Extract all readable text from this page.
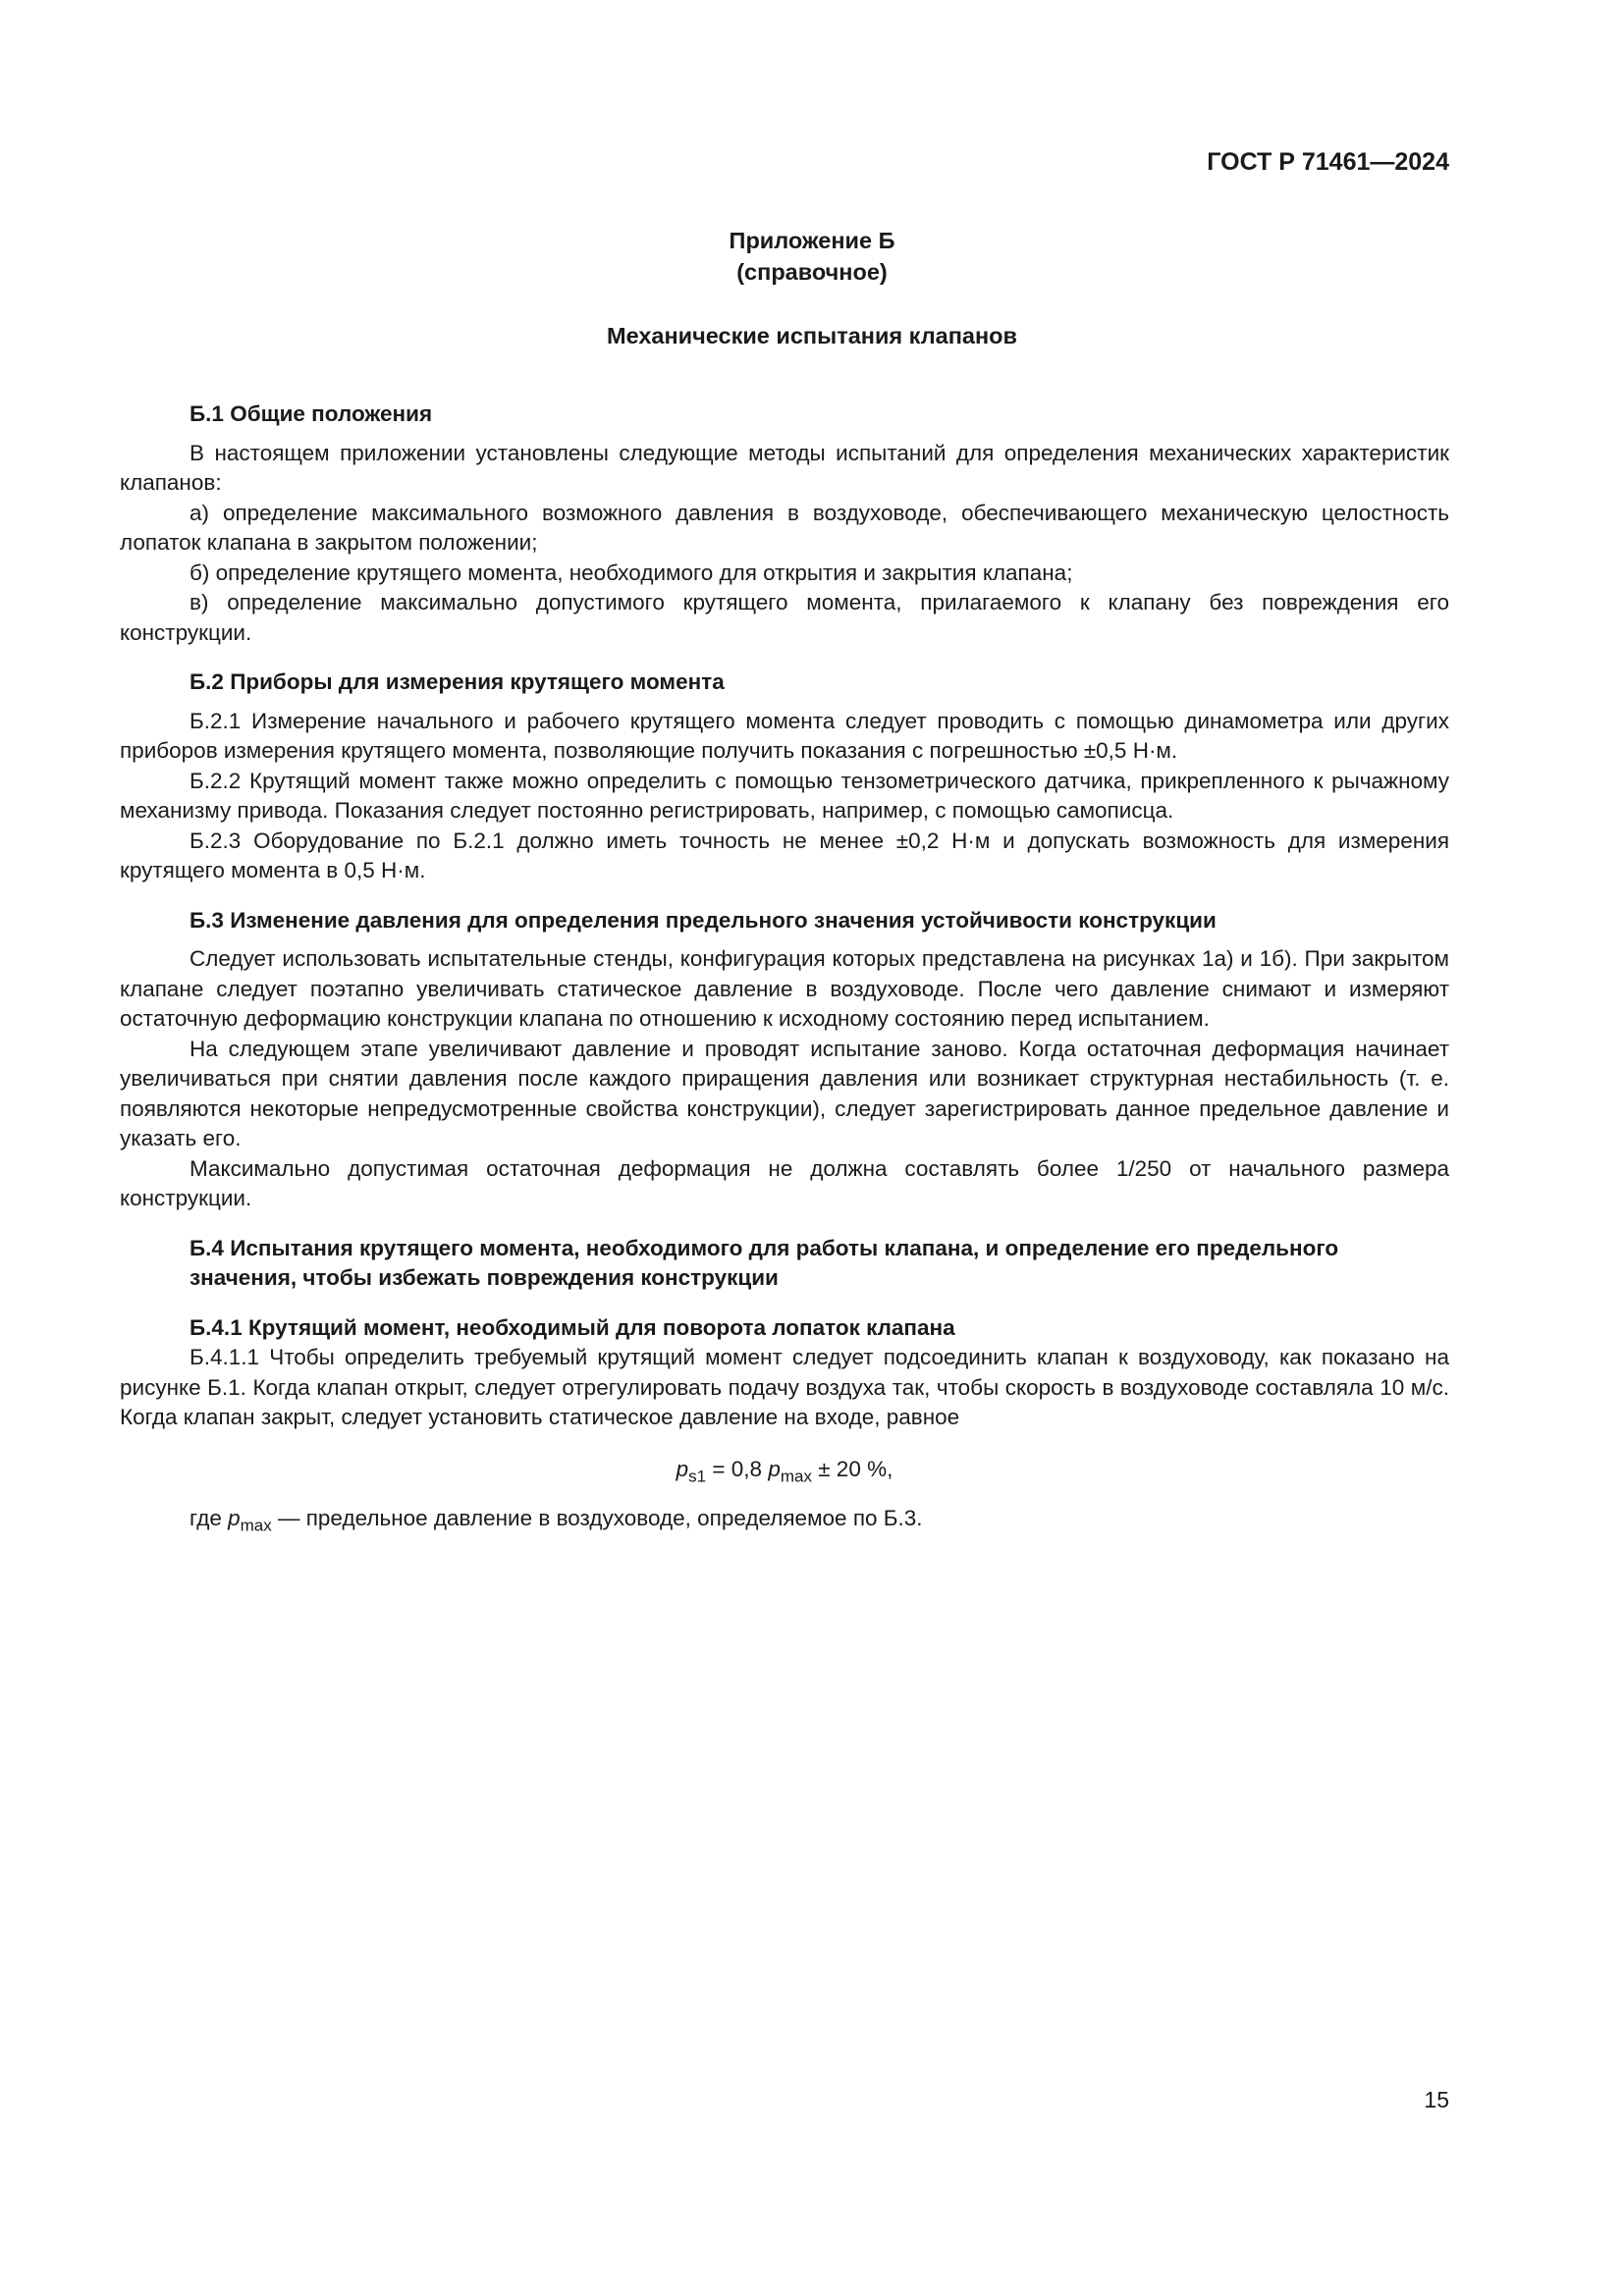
ГОСТ Р 71461—2024
Приложение Б
(справочное)
Механические испытания клапанов
Б.1 Общие положения

В настоящем приложении установлены следующие методы испытаний для определения механических характеристик клапанов:

а) определение максимального возможного давления в воздуховоде, обеспечивающего механическую целостность лопаток клапана в закрытом положении;

б) определение крутящего момента, необходимого для открытия и закрытия клапана;

в) определение максимально допустимого крутящего момента, прилагаемого к клапану без повреждения его конструкции.

Б.2 Приборы для измерения крутящего момента

Б.2.1 Измерение начального и рабочего крутящего момента следует проводить с помощью динамометра или других приборов измерения крутящего момента, позволяющие получить показания с погрешностью ±0,5 Н·м.

Б.2.2 Крутящий момент также можно определить с помощью тензометрического датчика, прикрепленного к рычажному механизму привода. Показания следует постоянно регистрировать, например, с помощью самописца.

Б.2.3 Оборудование по Б.2.1 должно иметь точность не менее ±0,2 Н·м и допускать возможность для измерения крутящего момента в 0,5 Н·м.

Б.3 Изменение давления для определения предельного значения устойчивости конструкции

Следует использовать испытательные стенды, конфигурация которых представлена на рисунках 1а) и 1б). При закрытом клапане следует поэтапно увеличивать статическое давление в воздуховоде. После чего давление снимают и измеряют остаточную деформацию конструкции клапана по отношению к исходному состоянию перед испытанием.

На следующем этапе увеличивают давление и проводят испытание заново. Когда остаточная деформация начинает увеличиваться при снятии давления после каждого приращения давления или возникает структурная нестабильность (т. е. появляются некоторые непредусмотренные свойства конструкции), следует зарегистрировать данное предельное давление и указать его.

Максимально допустимая остаточная деформация не должна составлять более 1/250 от начального размера конструкции.

Б.4 Испытания крутящего момента, необходимого для работы клапана, и определение его предельного значения, чтобы избежать повреждения конструкции
Б.4.1 Крутящий момент, необходимый для поворота лопаток клапана

Б.4.1.1 Чтобы определить требуемый крутящий момент следует подсоединить клапан к воздуховоду, как показано на рисунке Б.1. Когда клапан открыт, следует отрегулировать подачу воздуха так, чтобы скорость в воздуховоде составляла 10 м/с. Когда клапан закрыт, следует установить статическое давление на входе, равное

$p_{s1} = 0,8$ $p_{max} \pm 20$ %,

где $p_{max}$ — предельное давление в воздуховоде, определяемое по Б.3.

15
